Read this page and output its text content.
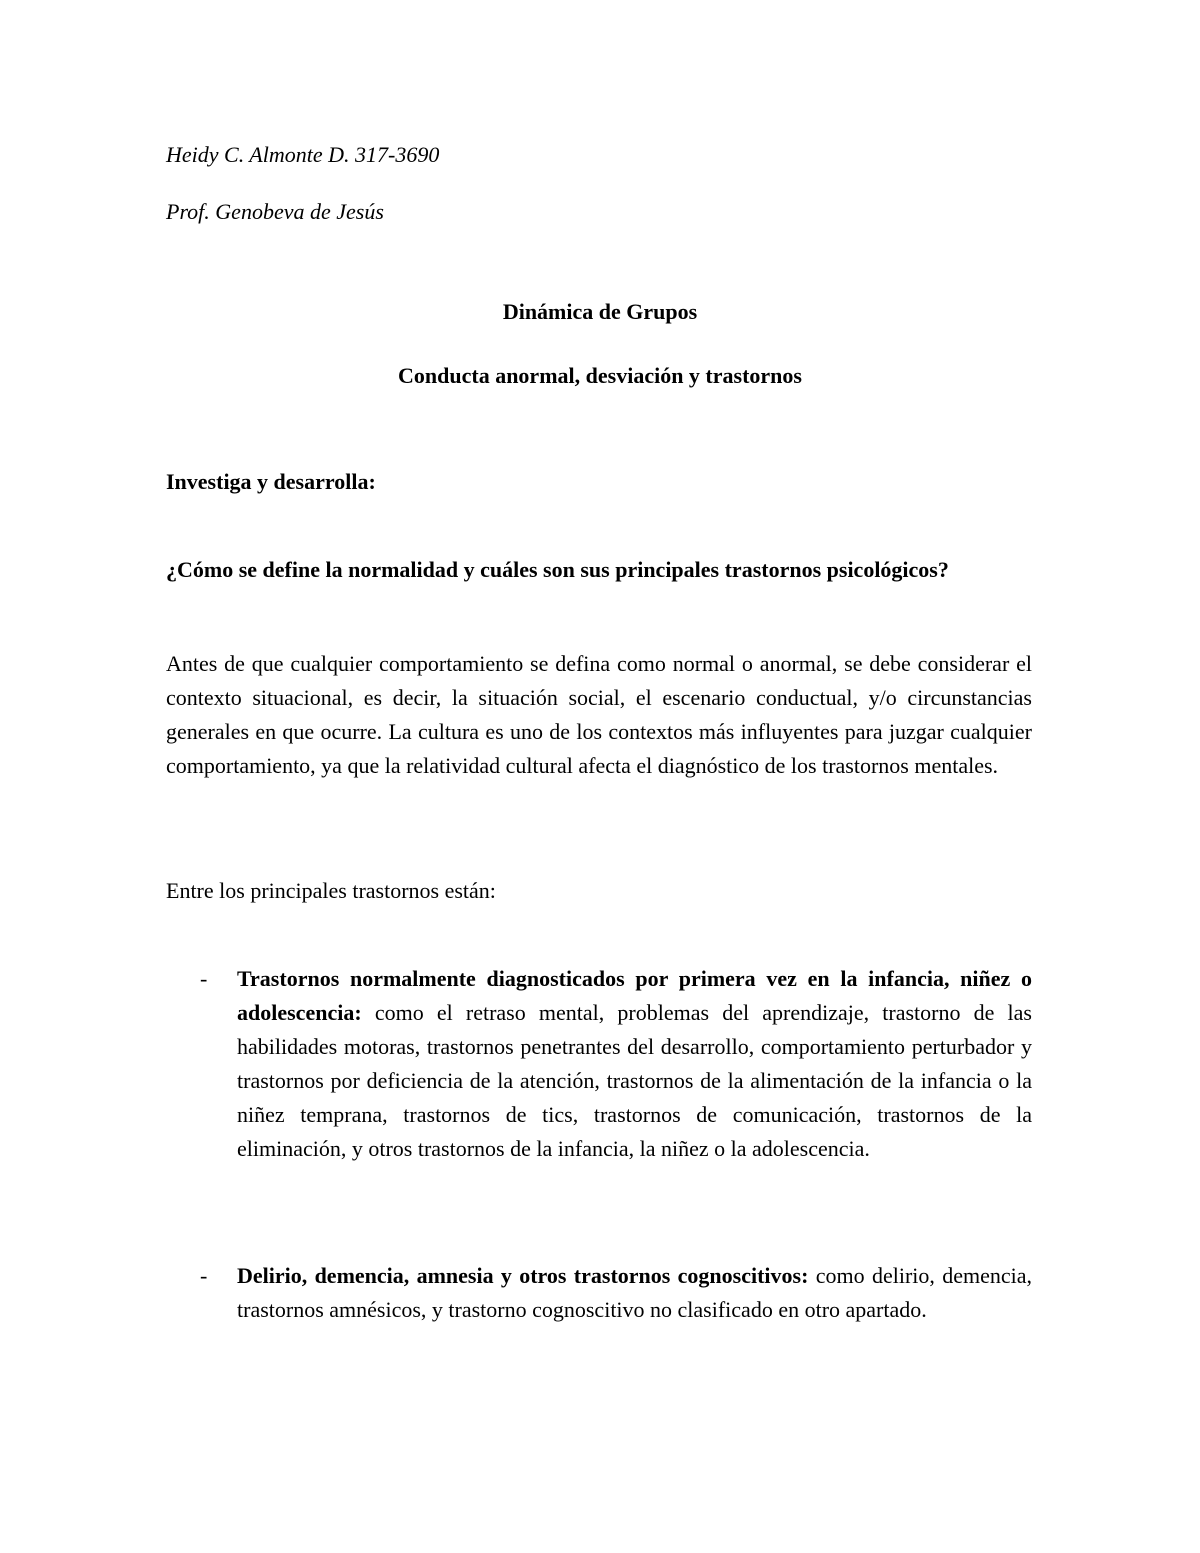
Heidy C. Almonte D. 317-3690

Prof. Genobeva de Jesús

Dinámica de Grupos

Conducta anormal, desviación y trastornos

Investiga y desarrolla:

¿Cómo se define la normalidad y cuáles son sus principales trastornos psicológicos?

Antes de que cualquier comportamiento se defina como normal o anormal, se debe considerar el contexto situacional, es decir, la situación social, el escenario conductual, y/o circunstancias generales en que ocurre. La cultura es uno de los contextos más influyentes para juzgar cualquier comportamiento, ya que la relatividad cultural afecta el diagnóstico de los trastornos mentales.

Entre los principales trastornos están:

- Trastornos normalmente diagnosticados por primera vez en la infancia, niñez o adolescencia: como el retraso mental, problemas del aprendizaje, trastorno de las habilidades motoras, trastornos penetrantes del desarrollo, comportamiento perturbador y trastornos por deficiencia de la atención, trastornos de la alimentación de la infancia o la niñez temprana, trastornos de tics, trastornos de comunicación, trastornos de la eliminación, y otros trastornos de la infancia, la niñez o la adolescencia.

- Delirio, demencia, amnesia y otros trastornos cognoscitivos: como delirio, demencia, trastornos amnésicos, y trastorno cognoscitivo no clasificado en otro apartado.
